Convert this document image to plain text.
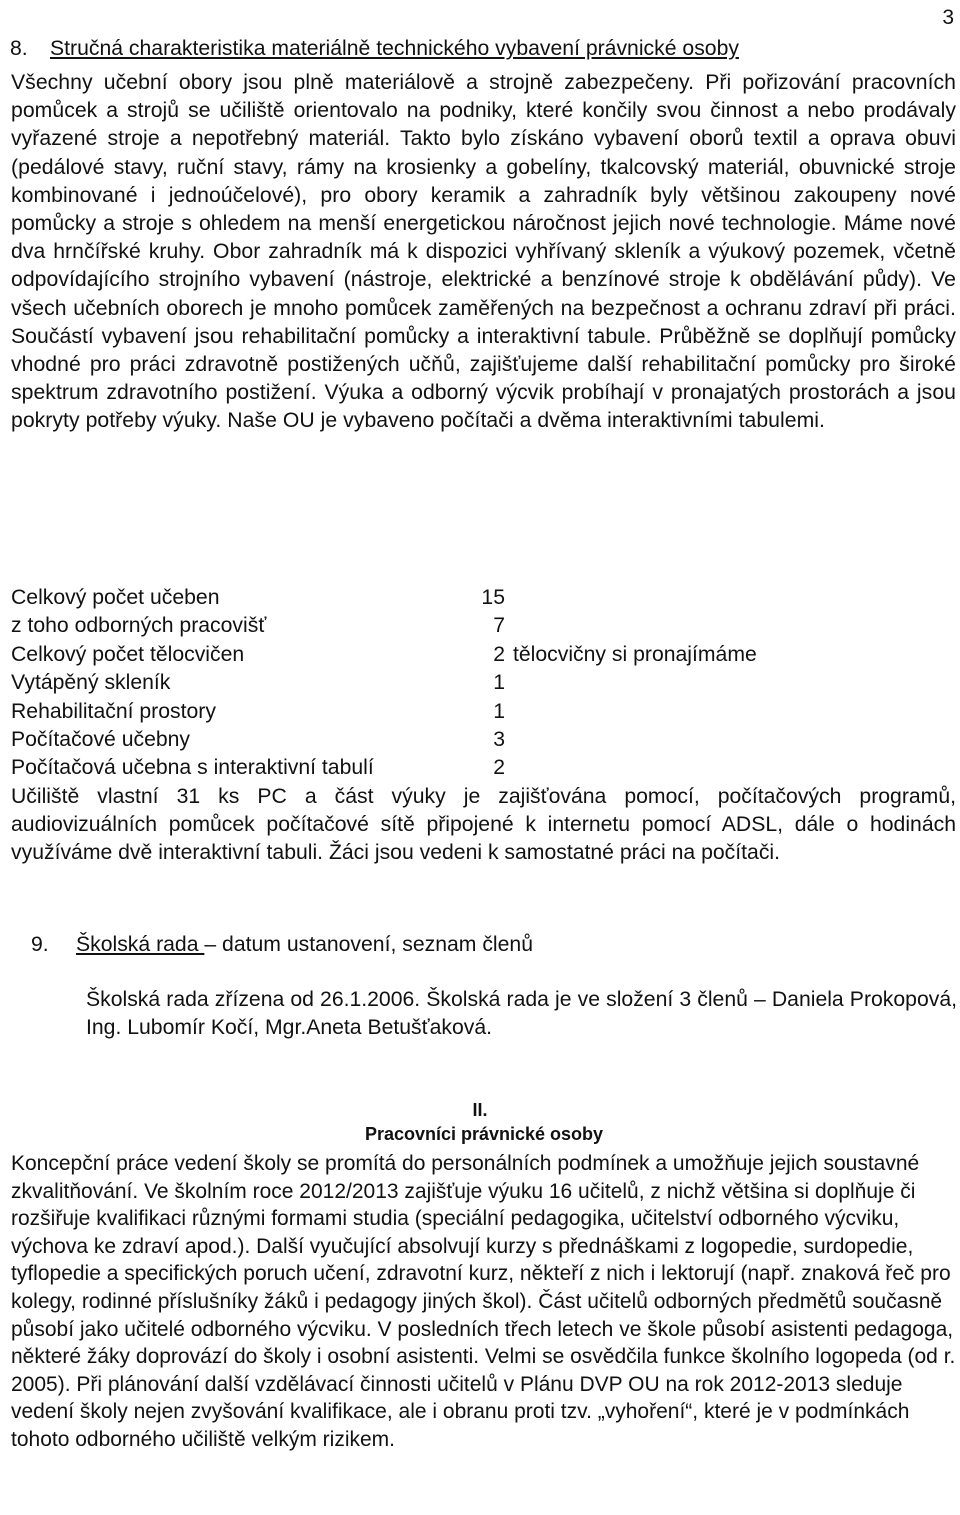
3
8. Stručná charakteristika materiálně technického vybavení právnické osoby

Všechny učební obory jsou plně materiálově a strojně zabezpečeny. Při pořizování pracovních pomůcek a strojů se učiliště orientovalo na podniky, které končily svou činnost a nebo prodávaly vyřazené stroje a nepotřebný materiál. Takto bylo získáno vybavení oborů textil a oprava obuvi (pedálové stavy, ruční stavy, rámy na krosienky a gobelíny, tkalcovský materiál, obuvnické stroje kombinované i jednoúčelové), pro obory keramik a zahradník byly většinou zakoupeny nové pomůcky a stroje s ohledem na menší energetickou náročnost jejich nové technologie. Máme nové dva hrnčířské kruhy. Obor zahradník má k dispozici vyhřívaný skleník a výukový pozemek, včetně odpovídajícího strojního vybavení (nástroje, elektrické a benzínové stroje k obdělávání půdy). Ve všech učebních oborech je mnoho pomůcek zaměřených na bezpečnost a ochranu zdraví při práci. Součástí vybavení jsou rehabilitační pomůcky a interaktivní tabule. Průběžně se doplňují pomůcky vhodné pro práci zdravotně postižených učňů, zajišťujeme další rehabilitační pomůcky pro široké spektrum zdravotního postižení. Výuka a odborný výcvik probíhají v pronajatých prostorách a jsou pokryty potřeby výuky. Naše OU je vybaveno počítači a dvěma interaktivními tabulemi.

Celkový počet učeben	15
z toho odborných pracovišť	7
Celkový počet tělocvičen	2 tělocvičny si pronajímáme
Vytápěný skleník	1
Rehabilitační prostory	1
Počítačové učebny	3
Počítačová učebna s interaktivní tabulí	2

Učiliště vlastní 31 ks PC a část výuky je zajišťována pomocí, počítačových programů, audiovizuálních pomůcek počítačové sítě připojené k internetu pomocí ADSL, dále o hodinách využíváme dvě interaktivní tabuli. Žáci jsou vedeni k samostatné práci na počítači.

9. Školská rada – datum ustanovení, seznam členů

Školská rada zřízena od 26.1.2006. Školská rada je ve složení 3 členů – Daniela Prokopová, Ing. Lubomír Kočí, Mgr.Aneta Betušťaková.

II.
Pracovníci právnické osoby

Koncepční práce vedení školy se promítá do personálních podmínek a umožňuje jejich soustavné zkvalitňování. Ve školním roce 2012/2013 zajišťuje výuku 16 učitelů, z nichž většina si doplňuje či rozšiřuje kvalifikaci různými formami studia (speciální pedagogika, učitelství odborného výcviku, výchova ke zdraví apod.). Další vyučující absolvují kurzy s přednáškami z logopedie, surdopedie, tyflopedie a specifických poruch učení, zdravotní kurz, někteří z nich i lektorují (např. znaková řeč pro kolegy, rodinné příslušníky žáků i pedagogy jiných škol). Část učitelů odborných předmětů současně působí jako učitelé odborného výcviku. V posledních třech letech ve škole působí asistenti pedagoga, některé žáky doprovází do školy i osobní asistenti. Velmi se osvědčila funkce školního logopeda (od r. 2005). Při plánování další vzdělávací činnosti učitelů v Plánu DVP OU na rok 2012-2013 sleduje vedení školy nejen zvyšování kvalifikace, ale i obranu proti tzv. „vyhoření“, které je v podmínkách tohoto odborného učiliště velkým rizikem.
